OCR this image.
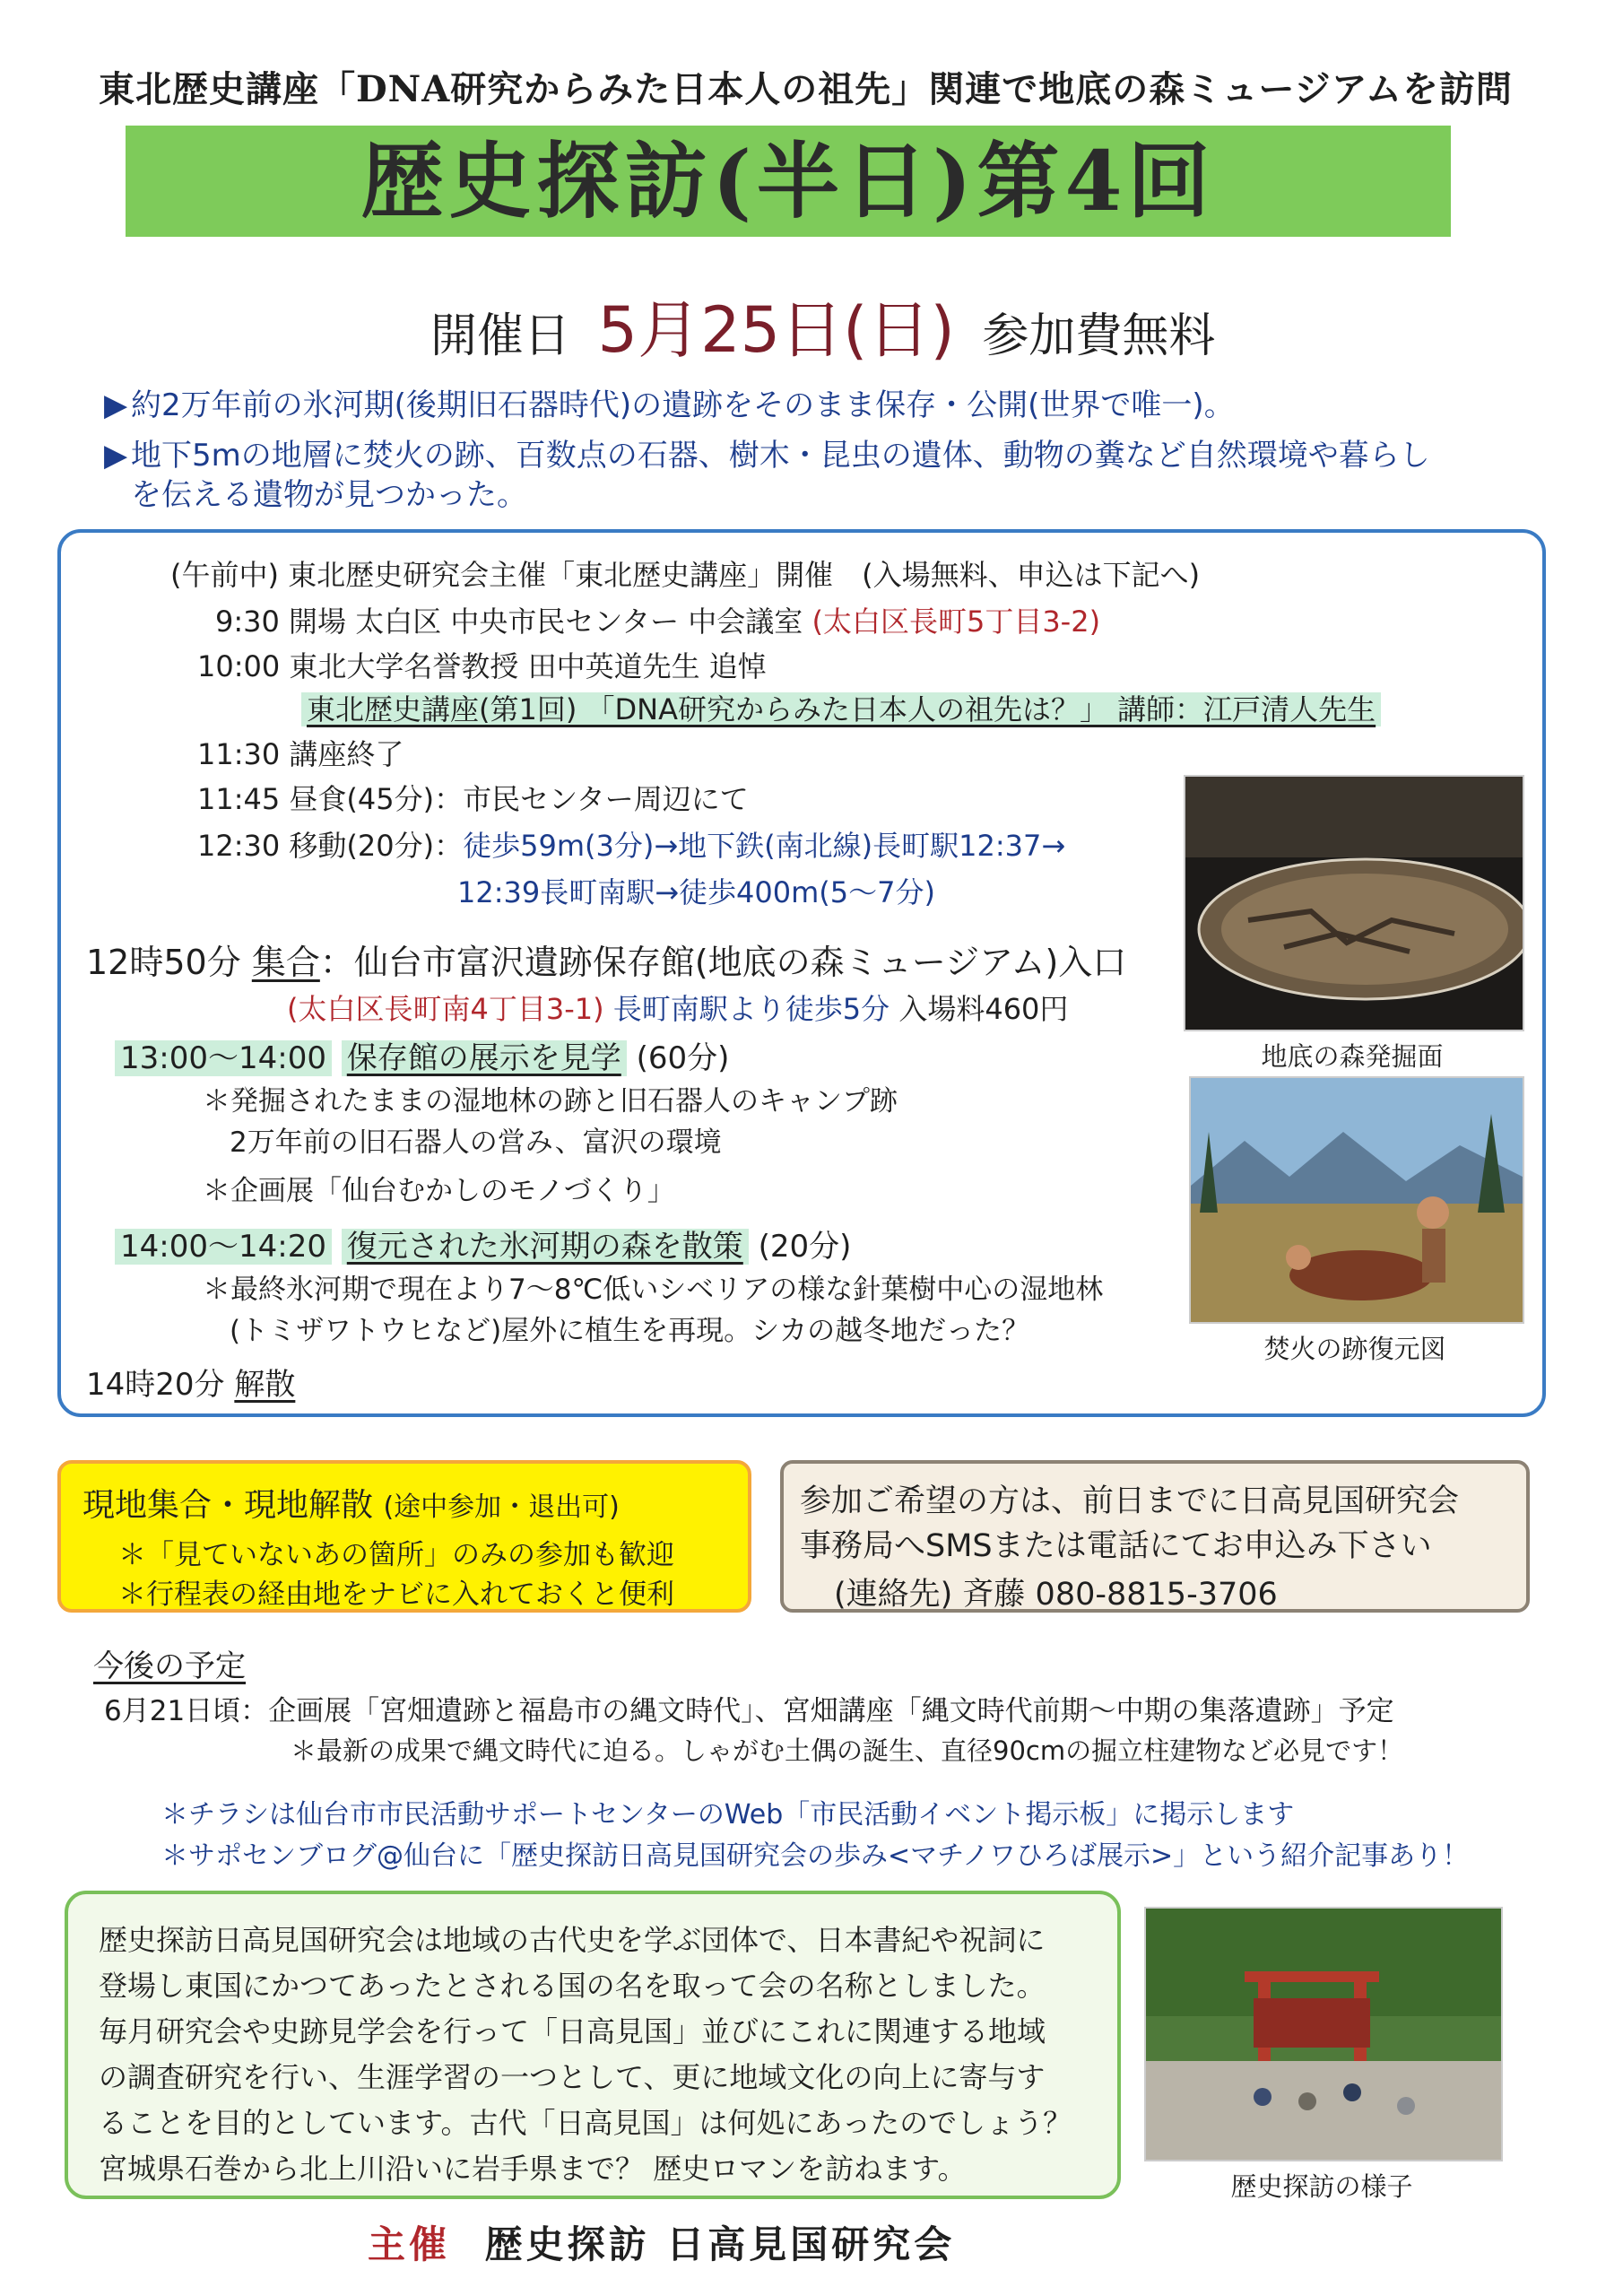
東北歴史講座「DNA研究からみた日本人の祖先」関連で地底の森ミュージアムを訪問
歴史探訪(半日)第4回
開催日 5月25日(日) 参加費無料
▶ 約2万年前の氷河期(後期旧石器時代)の遺跡をそのまま保存・公開(世界で唯一)。
▶ 地下5mの地層に焚火の跡、百数点の石器、樹木・昆虫の遺体、動物の糞など自然環境や暮らし
を伝える遺物が見つかった。
(午前中) 東北歴史研究会主催「東北歴史講座」開催　(入場無料、申込は下記へ)
9:30 開場 太白区 中央市民センター 中会議室 (太白区長町5丁目3-2)
10:00 東北大学名誉教授 田中英道先生 追悼
東北歴史講座(第1回) 「DNA研究からみた日本人の祖先は？」 講師：江戸清人先生
11:30 講座終了
11:45 昼食(45分)：市民センター周辺にて
12:30 移動(20分)：徒歩59m(3分)→地下鉄(南北線)長町駅12:37→
12:39長町南駅→徒歩400m(5～7分)
12時50分 集合：仙台市富沢遺跡保存館(地底の森ミュージアム)入口
(太白区長町南4丁目3-1) 長町南駅より徒歩5分 入場料460円
13:00～14:00 保存館の展示を見学 (60分)
＊発掘されたままの湿地林の跡と旧石器人のキャンプ跡
2万年前の旧石器人の営み、富沢の環境
＊企画展「仙台むかしのモノづくり」
14:00～14:20 復元された氷河期の森を散策 (20分)
＊最終氷河期で現在より7～8℃低いシベリアの様な針葉樹中心の湿地林
(トミザワトウヒなど)屋外に植生を再現。シカの越冬地だった？
14時20分 解散
地底の森発掘面
焚火の跡復元図
現地集合・現地解散 (途中参加・退出可)
＊「見ていないあの箇所」のみの参加も歓迎
＊行程表の経由地をナビに入れておくと便利
参加ご希望の方は、前日までに日高見国研究会
事務局へSMSまたは電話にてお申込み下さい
(連絡先) 斉藤 080-8815-3706
今後の予定
6月21日頃：企画展「宮畑遺跡と福島市の縄文時代」、宮畑講座「縄文時代前期～中期の集落遺跡」予定
＊最新の成果で縄文時代に迫る。しゃがむ土偶の誕生、直径90cmの掘立柱建物など必見です！
＊チラシは仙台市市民活動サポートセンターのWeb「市民活動イベント掲示板」に掲示します
＊サポセンブログ@仙台に「歴史探訪日高見国研究会の歩み<マチノワひろば展示>」という紹介記事あり！
歴史探訪日高見国研究会は地域の古代史を学ぶ団体で、日本書紀や祝詞に
登場し東国にかつてあったとされる国の名を取って会の名称としました。
毎月研究会や史跡見学会を行って「日高見国」並びにこれに関連する地域
の調査研究を行い、生涯学習の一つとして、更に地域文化の向上に寄与す
ることを目的としています。古代「日高見国」は何処にあったのでしょう？
宮城県石巻から北上川沿いに岩手県まで？ 歴史ロマンを訪ねます。
歴史探訪の様子
主催 歴史探訪 日高見国研究会
